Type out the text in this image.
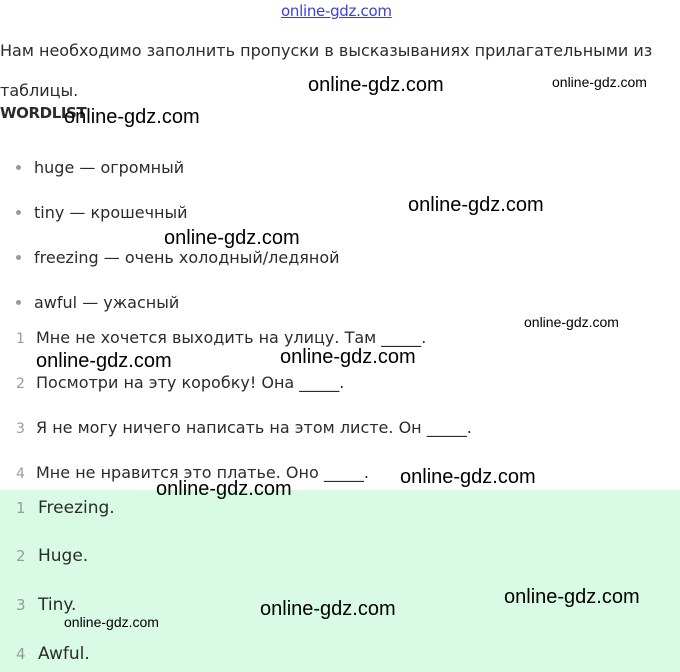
online-gdz.com
Нам необходимо заполнить пропуски в высказываниях прилагательными из таблицы.
WORDLIST
huge — огромный
tiny — крошечный
freezing — очень холодный/ледяной
awful — ужасный
1 Мне не хочется выходить на улицу. Там _____.
2 Посмотри на эту коробку! Она _____.
3 Я не могу ничего написать на этом листе. Он _____.
4 Мне не нравится это платье. Оно _____.
1 Freezing.
2 Huge.
3 Tiny.
4 Awful.
online-gdz.com	online-gdz.com
online-gdz.com
online-gdz.com
online-gdz.com
online-gdz.com
online-gdz.com
online-gdz.com
online-gdz.com
online-gdz.com
online-gdz.com
online-gdz.com
online-gdz.com
